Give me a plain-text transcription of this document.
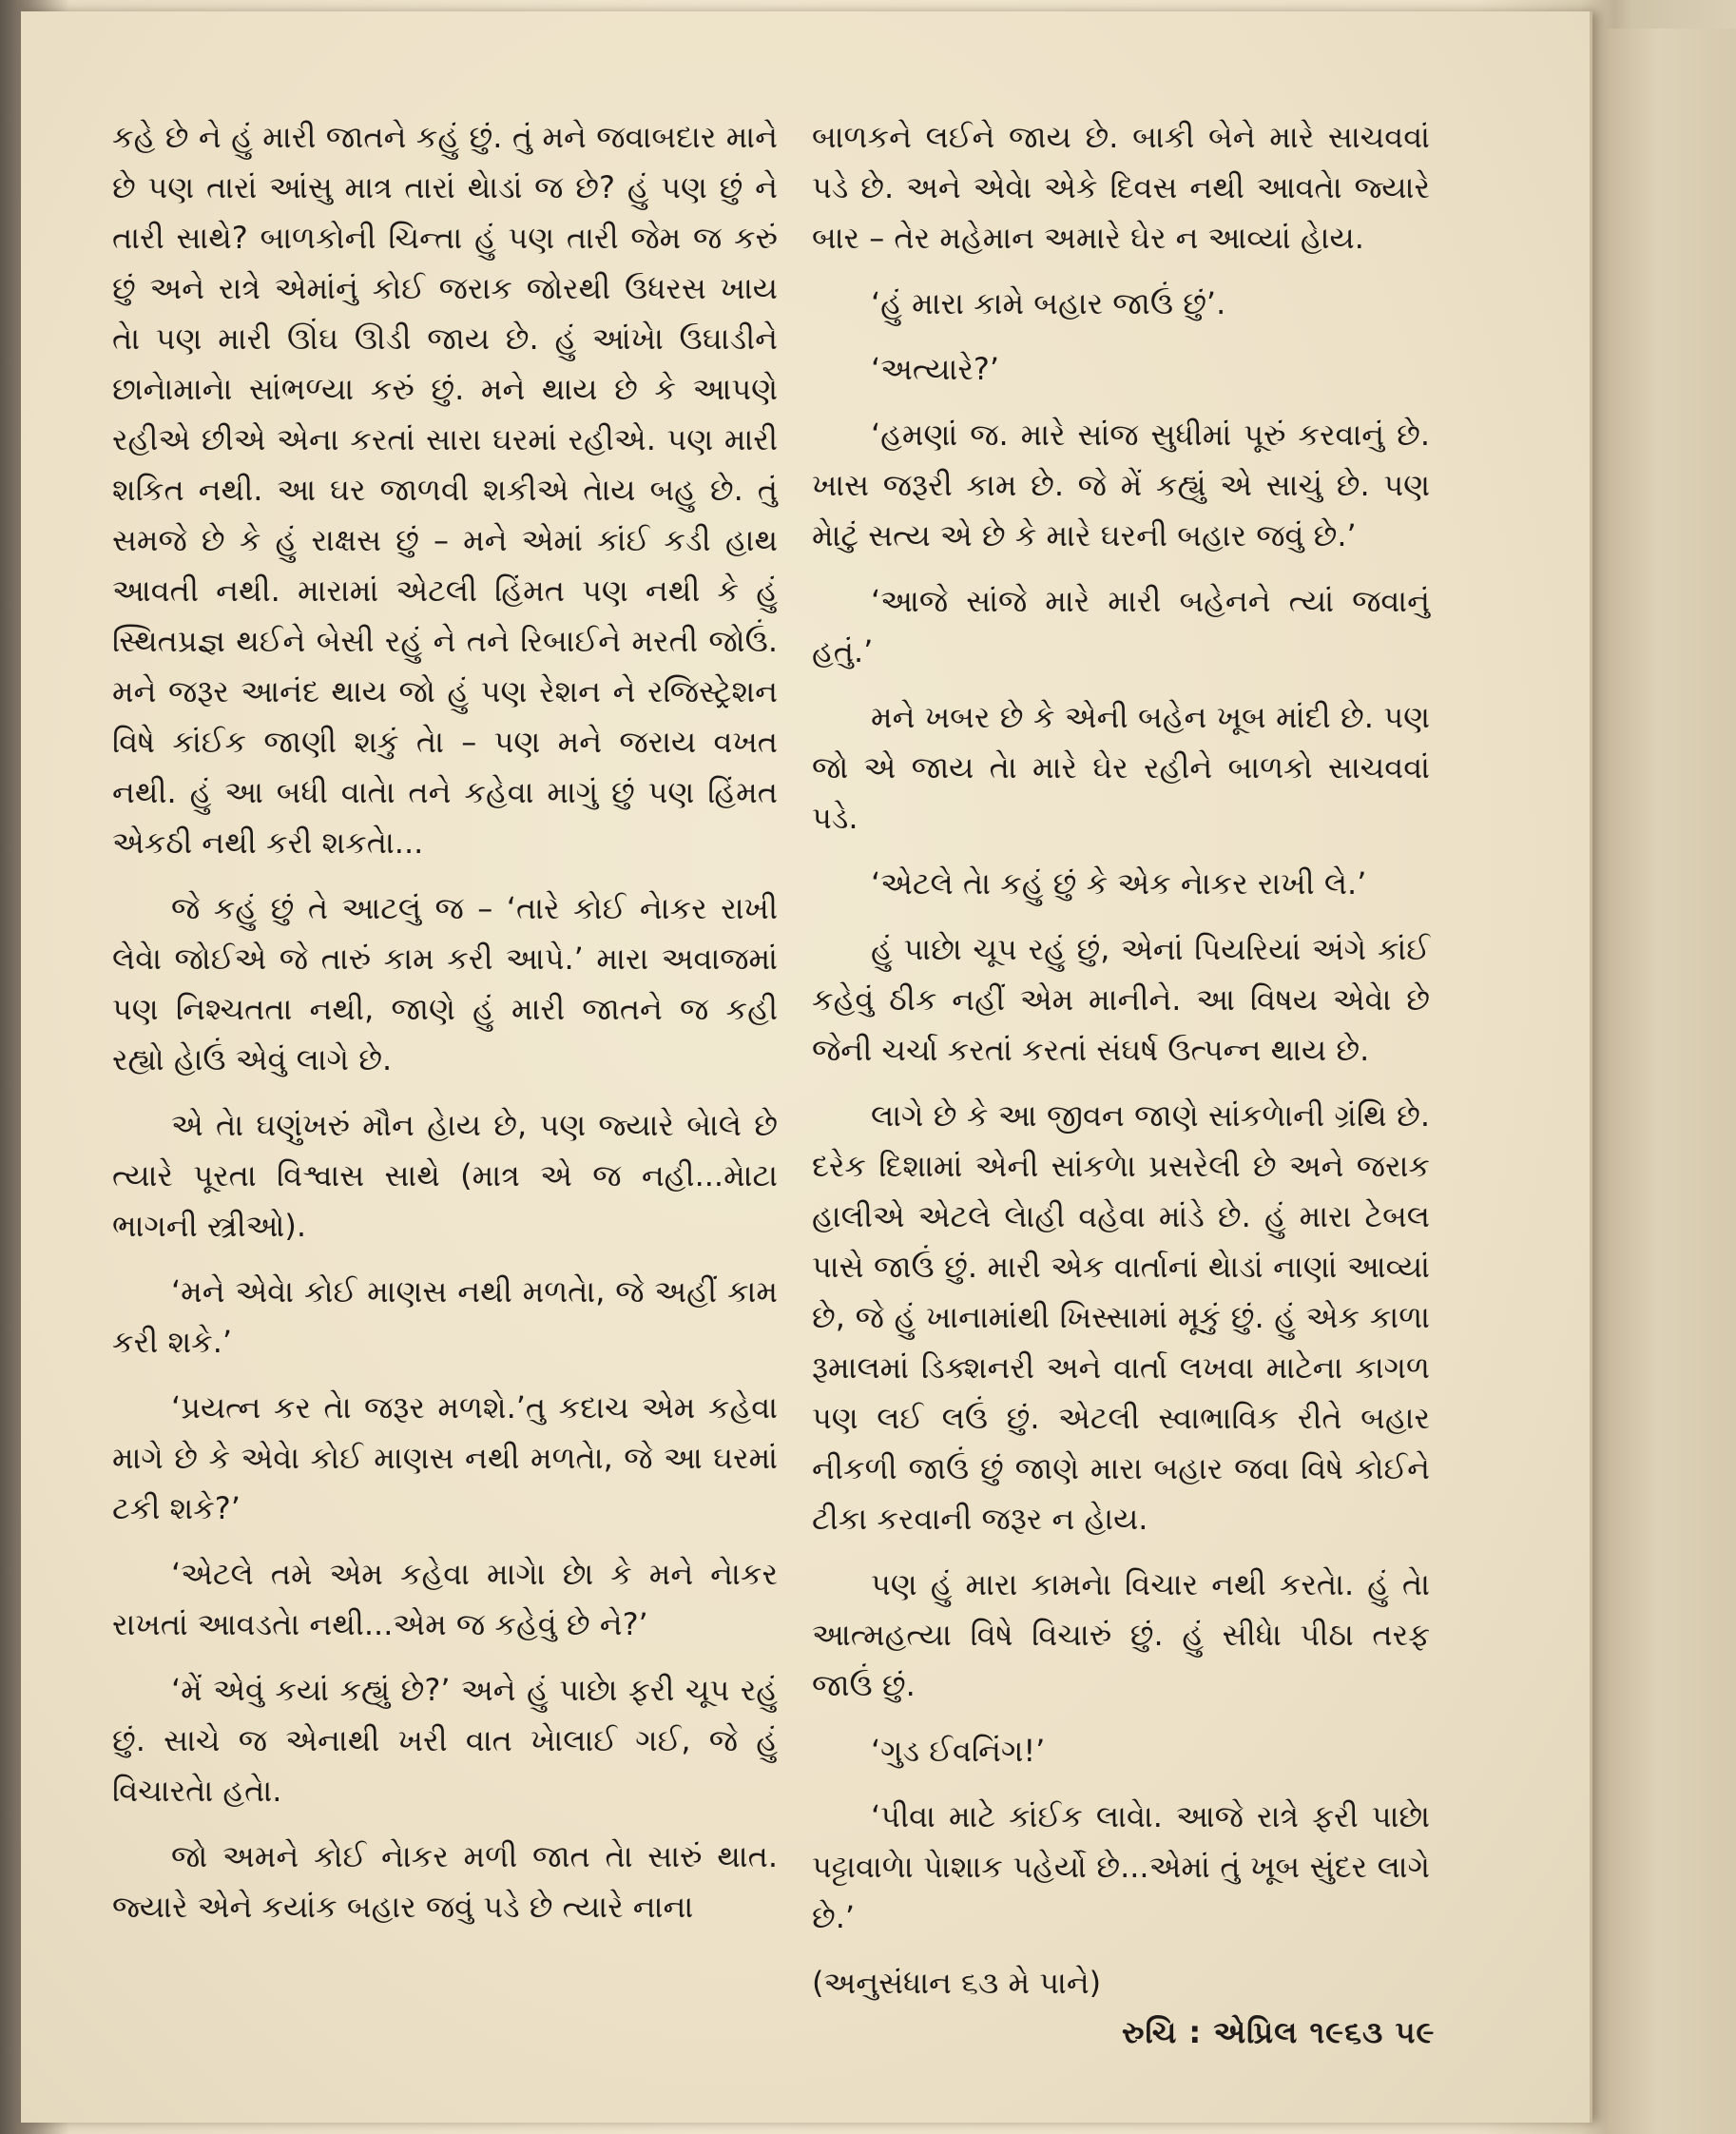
કહે છે ને હું મારી જાતને કહું છું. તું મને જવાબદાર માને છે પણ તારાં આંસુ માત્ર તારાં થેાડાં જ છે? હું પણ છું ને તારી સાથે? બાળકોની ચિન્તા હું પણ તારી જેમ જ કરું છું અને રાત્રે એમાંનું કોઈ જરાક જોરથી ઉધરસ ખાય તેા પણ મારી ઊંઘ ઊડી જાય છે. હું આંખેા ઉઘાડીને છાનેામાનેા સાંભળ્યા કરું છું. મને થાય છે કે આપણે રહીએ છીએ એના કરતાં સારા ઘરમાં રહીએ. પણ મારી શકિત નથી. આ ઘર જાળવી શકીએ તેાય બહુ છે. તું સમજે છે કે હું રાક્ષસ છું – મને એમાં કાંઈ કડી હાથ આવતી નથી. મારામાં એટલી હિંમત પણ નથી કે હું સ્થિતપ્રજ્ઞ થઈને બેસી રહું ને તને રિબાઈને મરતી જોઉં. મને જરૂર આનંદ થાય જો હું પણ રેશન ને રજિસ્ટ્રેશન વિષે કાંઈક જાણી શકું તેા – પણ મને જરાય વખત નથી. હું આ બધી વાતેા તને કહેવા માગું છું પણ હિંમત એકઠી નથી કરી શકતેા...

જે કહું છું તે આટલું જ – ‘તારે કોઈ નેાકર રાખી લેવેા જોઈએ જે તારું કામ કરી આપે.’ મારા અવાજમાં પણ નિશ્ચતતા નથી, જાણે હું મારી જાતને જ કહી રહ્યો હેાઉં એવું લાગે છે.

એ તેા ઘણુંખરું મૌન હેાય છે, પણ જ્યારે બેાલે છે ત્યારે પૂરતા વિશ્વાસ સાથે (માત્ર એ જ નહી...મેાટા ભાગની સ્ત્રીઓ).

‘મને એવેા કોઈ માણસ નથી મળતેા, જે અહીં કામ કરી શકે.’

‘પ્રયત્ન કર તેા જરૂર મળશે.’તુ કદાચ એમ કહેવા માગે છે કે એવેા કોઈ માણસ નથી મળતેા, જે આ ઘરમાં ટકી શકે?’

‘એટલે તમે એમ કહેવા માગેા છેા કે મને નેાકર રાખતાં આવડતેા નથી...એમ જ કહેવું છે ને?’

‘મેં એવું કયાં કહ્યું છે?’ અને હું પાછેા ફરી ચૂપ રહું છું. સાચે જ એનાથી ખરી વાત ખેાલાઈ ગઈ, જે હું વિચારતેા હતેા.

જો અમને કોઈ નેાકર મળી જાત તેા સારું થાત. જ્યારે એને કયાંક બહાર જવું પડે છે ત્યારે નાના

બાળકને લઈને જાય છે. બાકી બેને મારે સાચવવાં પડે છે. અને એવેા એકે દિવસ નથી આવતેા જ્યારે બાર – તેર મહેમાન અમારે ઘેર ન આવ્યાં હેાય.

‘હું મારા કામે બહાર જાઉં છું’.

‘અત્યારે?’

‘હમણાં જ. મારે સાંજ સુધીમાં પૂરું કરવાનું છે. ખાસ જરૂરી કામ છે. જે મેં કહ્યું એ સાચું છે. પણ મેાટું સત્ય એ છે કે મારે ઘરની બહાર જવું છે.’

‘આજે સાંજે મારે મારી બહેનને ત્યાં જવાનું હતું.’

મને ખબર છે કે એની બહેન ખૂબ માંદી છે. પણ જો એ જાય તેા મારે ઘેર રહીને બાળકો સાચવવાં પડે.

‘એટલે તેા કહું છું કે એક નેાકર રાખી લે.’

હું પાછેા ચૂપ રહું છું, એનાં પિયરિયાં અંગે કાંઈ કહેવું ઠીક નહીં એમ માનીને. આ વિષય એવેા છે જેની ચર્ચા કરતાં કરતાં સંઘર્ષ ઉત્પન્ન થાય છે.

લાગે છે કે આ જીવન જાણે સાંકળેાની ગ્રંથિ છે. દરેક દિશામાં એની સાંકળેા પ્રસરેલી છે અને જરાક હાલીએ એટલે લેાહી વહેવા માંડે છે. હું મારા ટેબલ પાસે જાઉં છું. મારી એક વાર્તાનાં થેાડાં નાણાં આવ્યાં છે, જે હું ખાનામાંથી ખિસ્સામાં મૂકું છું. હું એક કાળા રૂમાલમાં ડિક્શનરી અને વાર્તા લખવા માટેના કાગળ પણ લઈ લઉં છું. એટલી સ્વાભાવિક રીતે બહાર નીકળી જાઉં છું જાણે મારા બહાર જવા વિષે કોઈને ટીકા કરવાની જરૂર ન હેાય.

પણ હું મારા કામનેા વિચાર નથી કરતેા. હું તેા આત્મહત્યા વિષે વિચારું છું. હું સીધેા પીઠા તરફ જાઉં છું.

‘ગુડ ઈવનિંગ!’

‘પીવા માટે કાંઈક લાવેા. આજે રાત્રે ફરી પાછેા પટ્ટાવાળેા પેાશાક પહેર્યો છે...એમાં તું ખૂબ સુંદર લાગે છે.’

(અનુસંધાન ૬૩ મે પાને)

રુચિ : એપ્રિલ ૧૯૬૩ ૫૯
